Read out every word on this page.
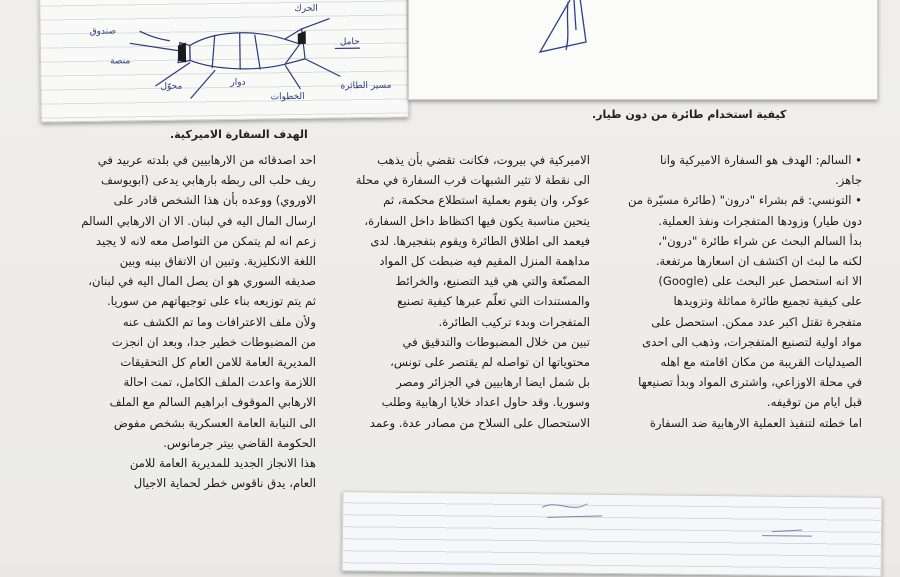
الحرك
حامل
صندوق
منصة
محوّل	دوار
الخطوات
مسير الطائرة
الهدف السفارة الاميركية.
كيفية استخدام طائرة من دون طيار.
• السالم: الهدف هو السفارة الاميركية وانا
جاهز.
• التونسي: قم بشراء "درون" (طائرة مسيّرة من
دون طيار) وزودها المتفجرات ونفذ العملية.
بدأ السالم البحث عن شراء طائرة "درون"،
لكنه ما لبث ان اكتشف ان اسعارها مرتفعة.
الا انه استحصل عبر البحث على (Google)
على كيفية تجميع طائرة مماثلة وتزويدها
متفجرة تقتل اكبر عدد ممكن. استحصل على
مواد اولية لتصنيع المتفجرات، وذهب الى احدى
الصيدليات القريبة من مكان اقامته مع اهله
في محلة الاوزاعي، واشترى المواد وبدأ تصنيعها
قبل ايام من توقيفه.
اما خطته لتنفيذ العملية الارهابية ضد السفارة
الاميركية في بيروت، فكانت تقضي بأن يذهب
الى نقطة لا تثير الشبهات قرب السفارة في محلة
عوكر، وان يقوم بعملية استطلاع محكمة، ثم
يتحين مناسبة يكون فيها اكتظاظ داخل السفارة،
فيعمد الى اطلاق الطائرة ويقوم بتفجيرها. لدى
مداهمة المنزل المقيم فيه ضبطت كل المواد
المصنّعة والتي هي قيد التصنيع، والخرائط
والمستندات التي تعلّم عبرها كيفية تصنيع
المتفجرات وبدء تركيب الطائرة.
تبين من خلال المضبوطات والتدقيق في
محتوياتها ان تواصله لم يقتصر على تونس،
بل شمل ايضا ارهابيين في الجزائر ومصر
وسوريا. وقد حاول اعداد خلايا ارهابية وطلب
الاستحصال على السلاح من مصادر عدة. وعمد
احد اصدقائه من الارهابيين في بلدته عربيد في
ريف حلب الى ربطه بارهابي يدعى (ابويوسف
الاوروي) ووعده بأن هذا الشخص قادر على
ارسال المال اليه في لبنان. الا ان الارهابي السالم
زعم انه لم يتمكن من التواصل معه لانه لا يجيد
اللغة الانكليزية. وتبين ان الاتفاق بينه وبين
صديقه السوري هو ان يصل المال اليه في لبنان،
ثم يتم توزيعه بناء على توجيهاتهم من سوريا.
ولأن ملف الاعترافات وما تم الكشف عنه
من المضبوطات خطير جدا، وبعد ان انجزت
المديرية العامة للامن العام كل التحقيقات
اللازمة واعدت الملف الكامل، تمت احالة
الارهابي الموقوف ابراهيم السالم مع الملف
الى النيابة العامة العسكرية بشخص مفوض
الحكومة القاضي بيتر جرمانوس.
هذا الانجاز الجديد للمديرية العامة للامن
العام، يدق ناقوس خطر لحماية الاجيال
